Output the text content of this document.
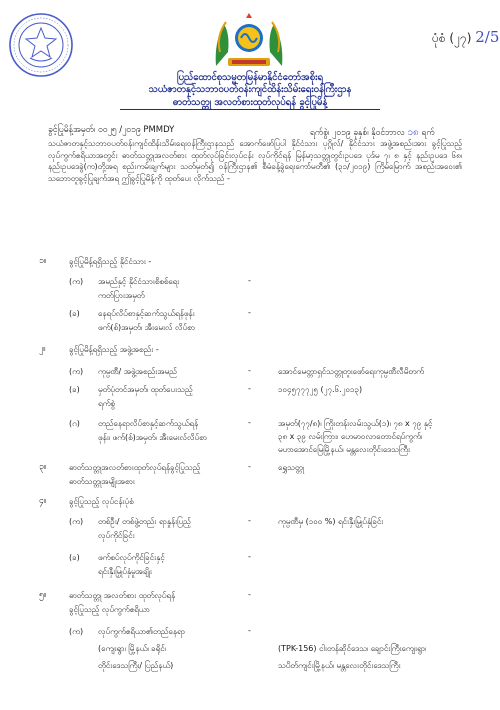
ပုံစံ (၂၇) 2/5
ပြည်ထောင်စုသမ္မတမြန်မာနိုင်ငံတော်အစိုးရ
သယံဇာတနှင့်သဘာဝပတ်ဝန်းကျင်ထိန်းသိမ်းရေးဝန်ကြီးဌာန
ဓာတ်သတ္တု အလတ်စားထုတ်လုပ်ရန် ခွင့်ပြုမိန့်
ခွင့်ပြုမိန့်အမှတ်၊ ၀၀၂၅ /၂၀၁၉ PMMDY	ရက်စွဲ၊ ၂၀၁၉ ခုနှစ်၊ နိုဝင်ဘာလ ၁၈ ရက်
သယံဇာတနှင့်သဘာဝပတ်ဝန်းကျင်ထိန်းသိမ်းရေးဝန်ကြီးဌာနသည် အောက်ဖော်ပြပါ နိုင်ငံသား ပုဂ္ဂိုလ်/ နိုင်ငံသား အဖွဲ့အစည်းအား ခွင့်ပြုသည့် လုပ်ကွက်ဧရိယာအတွင်း ဓာတ်သတ္တုအလတ်စား ထုတ်လုပ်ခြင်းလုပ်ငန်း လုပ်ကိုင်ရန် မြန်မာ့သတ္တုတွင်းဥပဒေ ပုဒ်မ ၇၊ ၈ နှင့် နည်းဥပဒေ ၆၈၊ နည်းဥပဒေခွဲ(က)တို့အရ စည်းကမ်းချက်များ သတ်မှတ်၍ ဝန်ကြီးဌာန၏ စီမံခန့်ခွဲရေးကော်မတီ၏ (၃၁/၂၀၁၉) ကြိမ်မြောက် အစည်းအဝေး၏ သဘောတူခွင့်ပြုချက်အရ ဤခွင့်ပြုမိန့်ကို ထုတ်ပေး လိုက်သည် -
၁။	ခွင့်ပြုမိန့်ရရှိသည့် နိုင်ငံသား -
(က) အမည်နှင့် နိုင်ငံသားစိစစ်ရေး
ကတ်ပြားအမှတ်
-
(ခ) နေရပ်လိပ်စာနှင့်ဆက်သွယ်ရန်ဖုန်း
ဖက်(စ်)အမှတ်၊ အီးမေးလ် လိပ်စာ
-
၂။	ခွင့်ပြုမိန့်ရရှိသည့် အဖွဲ့အစည်း -
(က) ကုမ္ပဏီ/ အဖွဲ့အစည်းအမည်	-	အောင်မေတ္တာရှင်သတ္တုတူးဖော်ရေးကုမ္ပဏီလီမိတက်
(ခ) မှတ်ပုံတင်အမှတ်၊ ထုတ်ပေးသည့်
ရက်စွဲ
-	၁၀၄၅၇၇၇၂၅ (၂၇.၆.၂၀၁၃)
(ဂ) တည်နေရာလိပ်စာနှင့်ဆက်သွယ်ရန်
ဖုန်း၊ ဖက်(စ်)အမှတ်၊ အီးမေးလ်လိပ်စာ
-	အမှတ်(၇၇/၈)၊ ကြိုးတန်းလမ်းသွယ်(၁)၊ ၇၈ x ၇၉ နှင့်
၃၈ x ၃၉ လမ်းကြား၊ ဟေမာဝလာတောင်ရပ်ကွက်၊
မဟာအောင်မြေမြို့နယ်၊ မန္တလေးတိုင်းဒေသကြီး
၃။	ဓာတ်သတ္တုအလတ်စားထုတ်လုပ်ရန်ခွင့်ပြုသည့်
ဓာတ်သတ္တုအမျိုးအစား
-	ရွှေသတ္တု
၄။	ခွင့်ပြုသည့် လုပ်ငန်းပုံစံ
(က) တစ်ဦး/ တစ်ဖွဲ့တည်း ရာနှုန်းပြည့်
လုပ်ကိုင်ခြင်း
-	ကုမ္ပဏီမှ (၁၀၀ %) ရင်းနှီးမြှုပ်နှံခြင်း
(ခ) ဖက်စပ်လုပ်ကိုင်ခြင်းနှင့်
ရင်းနှီးမြှုပ်နှံမှုအချိုး
-
၅။	ဓာတ်သတ္တု အလတ်စား ထုတ်လုပ်ရန်
ခွင့်ပြုသည့် လုပ်ကွက်ဧရိယာ
-
(က) လုပ်ကွက်ဧရိယာ၏တည်နေရာ
(ကျေးရွာ၊ မြို့နယ်၊ ခရိုင်၊
တိုင်းဒေသကြီး/ ပြည်နယ်)
-
(TPK-156) ငါးတန်ဆိုင်ဒေသ၊ ချောင်းကြီးကျေးရွာ၊
သပိတ်ကျင်းမြို့နယ်၊ မန္တလေးတိုင်းဒေသကြီး
